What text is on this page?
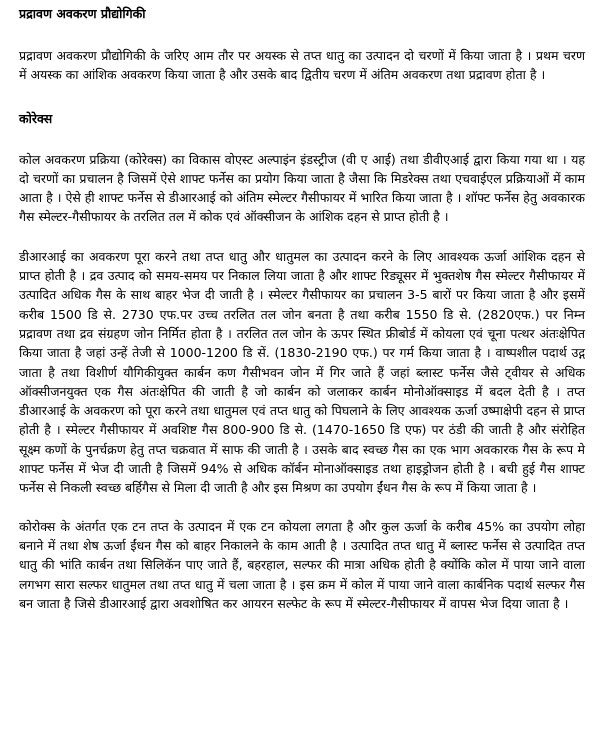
प्रद्रावण अवकरण प्रौद्योगिकी

प्रद्रावण अवकरण प्रौद्योगिकी के जरिए आम तौर पर अयस्क से तप्त धातु का उत्पादन दो चरणों में किया जाता है । प्रथम चरण में अयस्क का आंशिक अवकरण किया जाता है और उसके बाद द्वितीय चरण में अंतिम अवकरण तथा प्रद्रावण होता है ।

कोरेक्स

कोल अवकरण प्रक्रिया (कोरेक्स) का विकास वोएस्ट अल्पाइंन इंडस्ट्रीज (वी ए आई) तथा डीवीएआई द्वारा किया गया था । यह दो चरणों का प्रचालन है जिसमें ऐसे शाफ्ट फर्नेस का प्रयोग किया जाता है जैसा कि मिडरेक्स तथा एचवाईएल प्रक्रियाओं में काम आता है । ऐसे ही शाफ्ट फर्नेस से डीआरआई को अंतिम स्मेल्टर गैसीफायर में भारित किया जाता है । शॉफ्ट फर्नेस हेतु अवकारक गैस स्मेल्टर-गैसीफायर के तरलित तल में कोक एवं ऑक्सीजन के आंशिक दहन से प्राप्त होती है ।

डीआरआई का अवकरण पूरा करने तथा तप्त धातु और धातुमल का उत्पादन करने के लिए आवश्यक ऊर्जा आंशिक दहन से प्राप्त होती है । द्रव उत्पाद को समय-समय पर निकाल लिया जाता है और शाफ्ट रिड्यूसर में भुक्तशेष गैस स्मेल्टर गैसीफायर में उत्पादित अधिक गैस के साथ बाहर भेज दी जाती है । स्मेल्टर गैसीफायर का प्रचालन 3-5 बारों पर किया जाता है और इसमें करीब 1500 डि से. 2730 एफ.पर उच्च तरलित तल जोन बनता है तथा करीब 1550 डि से. (2820एफ.) पर निम्न प्रद्रावण तथा द्रव संग्रहण जोन निर्मित होता है । तरलित तल जोन के ऊपर स्थित फ्रीबोर्ड में कोयला एवं चूना पत्थर अंतःक्षेपित किया जाता है जहां उन्हें तेजी से 1000-1200 डि सें. (1830-2190 एफ.) पर गर्म किया जाता है । वाष्पशील पदार्थ उद्ग जाता है तथा विशीर्ण यौगिकीयुक्त कार्बन कण गैसीभवन जोन में गिर जाते हैं जहां ब्लास्ट फर्नेस जैसे ट्वीयर से अधिक ऑक्सीजनयुक्त एक गैस अंतःक्षेपित की जाती है जो कार्बन को जलाकर कार्बन मोनोऑक्साइड में बदल देती है । तप्त डीआरआई के अवकरण को पूरा करने तथा धातुमल एवं तप्त धातु को पिघलाने के लिए आवश्यक ऊर्जा उष्माक्षेपी दहन से प्राप्त होती है । स्मेल्टर गैसीफायर में अवशिष्ट गैस 800-900 डि से. (1470-1650 डि एफ) पर ठंडी की जाती है और संरोहित सूक्ष्म कणों के पुनर्चक्रण हेतु तप्त चक्रवात में साफ की जाती है । उसके बाद स्वच्छ गैस का एक भाग अवकारक गैस के रूप मे शाफ्ट फर्नेस में भेज दी जाती है जिसमें 94% से अधिक कॉर्बन मोनाऑक्साइड तथा हाइड्रोजन होती है । बची हुई गैस शाफ्ट फर्नेस से निकली स्वच्छ बर्हिगैस से मिला दी जाती है और इस मिश्रण का उपयोग ईंधन गैस के रूप में किया जाता है ।

कोरोक्स के अंतर्गत एक टन तप्त के उत्पादन में एक टन कोयला लगता है और कुल ऊर्जा के करीब 45% का उपयोग लोहा बनाने में तथा शेष ऊर्जा ईंधन गैस को बाहर निकालने के काम आती है । उत्पादित तप्त धातु में ब्लास्ट फर्नेस से उत्पादित तप्त धातु की भांति कार्बन तथा सिलिकॅन पाए जाते हैं, बहरहाल, सल्फर की मात्रा अधिक होती है क्योंकि कोल में पाया जाने वाला लगभग सारा सल्फर धातुमल तथा तप्त धातु में चला जाता है । इस क्रम में कोल में पाया जाने वाला कार्बनिक पदार्थ सल्फर गैस बन जाता है जिसे डीआरआई द्वारा अवशोषित कर आयरन सल्फेट के रूप में स्मेल्टर-गैसीफायर में वापस भेज दिया जाता है ।
